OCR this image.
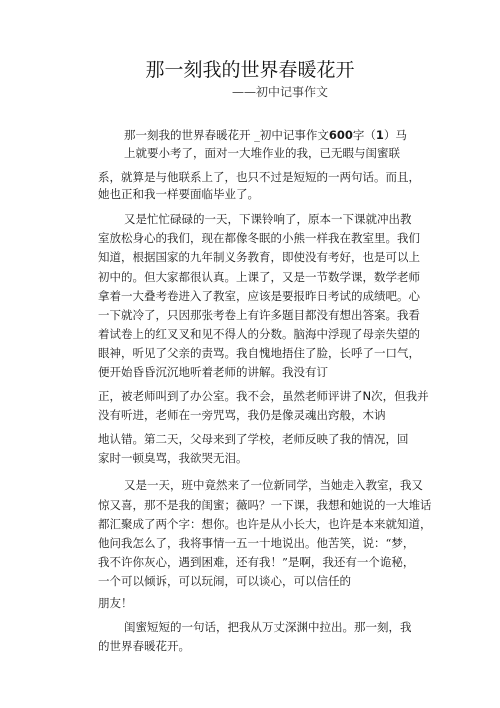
那一刻我的世界春暖花开
——初中记事作文
那一刻我的世界春暖花开 _初中记事作文600字（1）马
上就要小考了，面对一大堆作业的我，已无暇与闺蜜联
系，就算是与他联系上了，也只不过是短短的一两句话。而且，
她也正和我一样要面临毕业了。
又是忙忙碌碌的一天，下课铃响了，原本一下课就冲出教
室放松身心的我们，现在都像冬眠的小熊一样我在教室里。我们
知道，根据国家的九年制义务教育，即使没有考好，也是可以上
初中的。但大家都很认真。上课了，又是一节数学课，数学老师
拿着一大叠考卷进入了教室，应该是要报昨日考试的成绩吧。心
一下就冷了，只因那张考卷上有许多题目都没有想出答案。我看
着试卷上的红叉叉和见不得人的分数。脑海中浮现了母亲失望的
眼神，听见了父亲的责骂。我自愧地捂住了脸，长呼了一口气，
便开始昏昏沉沉地听着老师的讲解。我没有订
正，被老师叫到了办公室。我不会，虽然老师评讲了N次，但我并
没有听进，老师在一旁咒骂，我仍是像灵魂出窍般，木讷
地认错。第二天，父母来到了学校，老师反映了我的情况，回
家时一顿臭骂，我欲哭无泪。
又是一天，班中竟然来了一位新同学，当她走入教室，我又
惊又喜，那不是我的闺蜜；薇吗？一下课，我想和她说的一大堆话
都汇聚成了两个字：想你。也许是从小长大，也许是本来就知道，
他问我怎么了，我将事情一五一十地说出。他苦笑，说：“梦，
我不许你灰心，遇到困难，还有我！”是啊，我还有一个诡秘，
一个可以倾诉，可以玩闹，可以谈心，可以信任的
朋友！
闺蜜短短的一句话，把我从万丈深渊中拉出。那一刻，我
的世界春暖花开。
